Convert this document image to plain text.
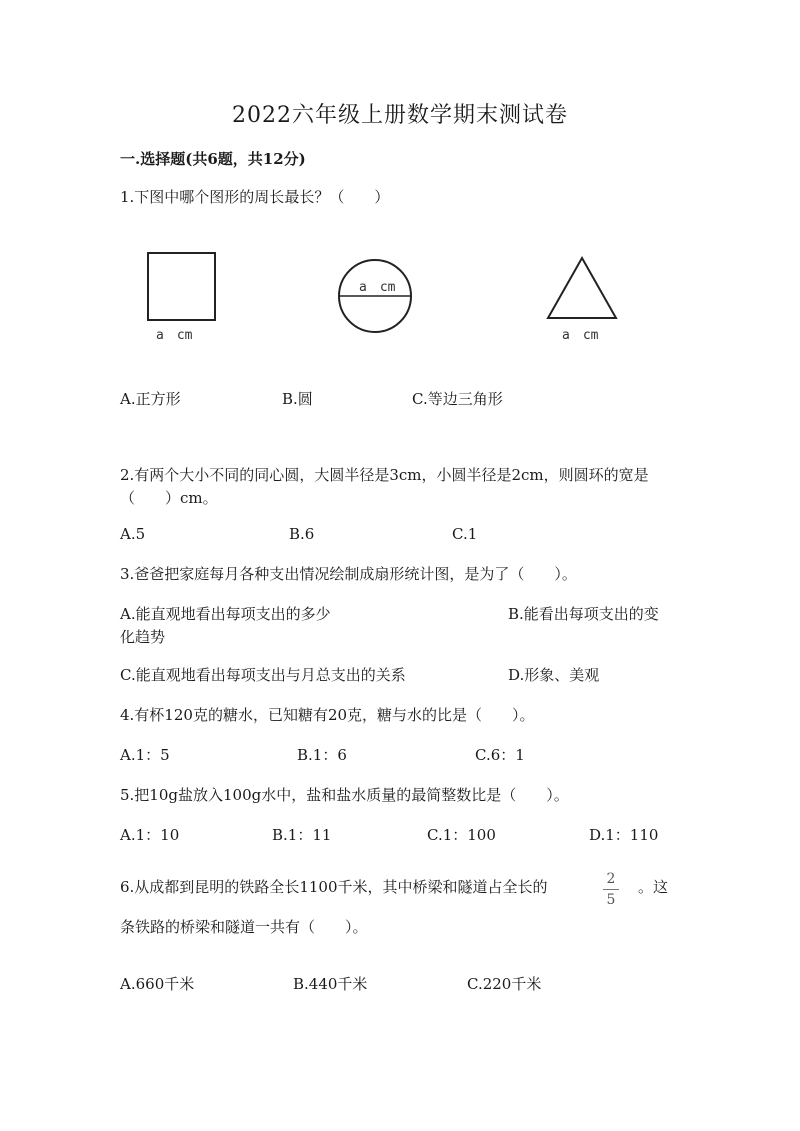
2022六年级上册数学期末测试卷
一.选择题(共6题，共12分)
1.下图中哪个图形的周长最长？（　　）
a　cm
a　cm
a　cm
A.正方形	B.圆	C.等边三角形
2.有两个大小不同的同心圆，大圆半径是3cm，小圆半径是2cm，则圆环的宽是
（　　）cm。
A.5	B.6	C.1
3.爸爸把家庭每月各种支出情况绘制成扇形统计图，是为了（　　）。
A.能直观地看出每项支出的多少	B.能看出每项支出的变
化趋势
C.能直观地看出每项支出与月总支出的关系	D.形象、美观
4.有杯120克的糖水，已知糖有20克，糖与水的比是（　　）。
A.1：5	B.1：6	C.6：1
5.把10g盐放入100g水中，盐和盐水质量的最简整数比是（　　）。
A.1：10	B.1：11	C.1：100	D.1：110
6.从成都到昆明的铁路全长1100千米，其中桥梁和隧道占全长的	2
5
。这
条铁路的桥梁和隧道一共有（　　）。
A.660千米	B.440千米	C.220千米
